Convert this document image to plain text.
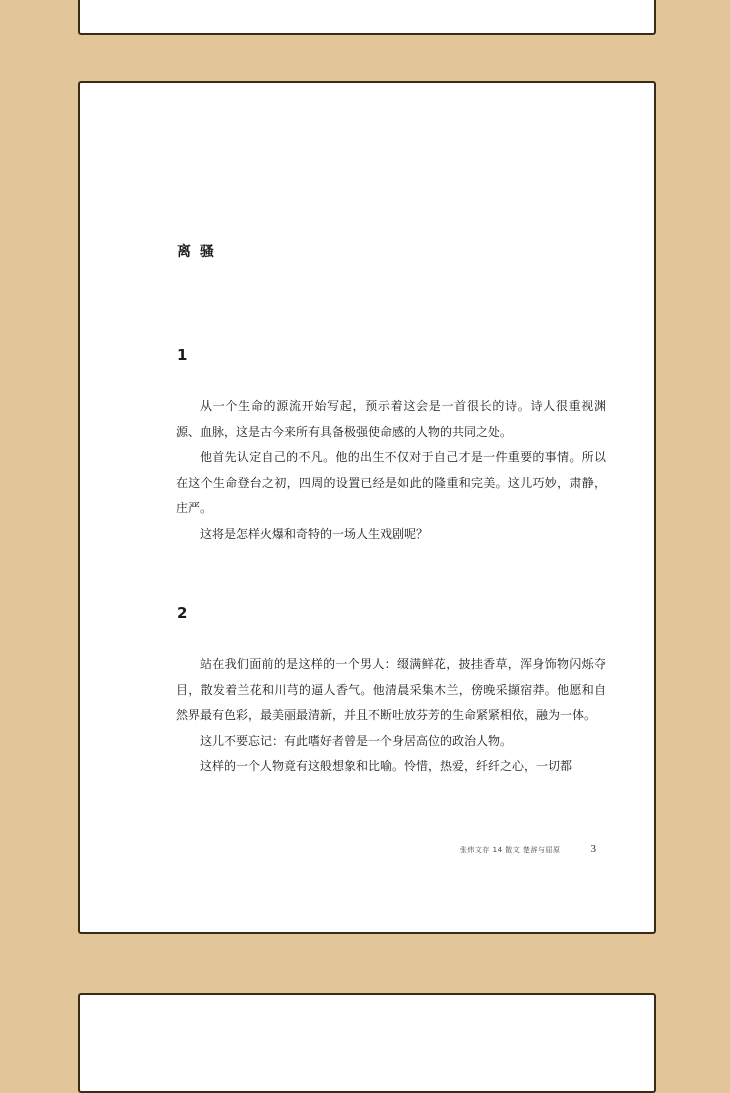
离 骚
1

从一个生命的源流开始写起，预示着这会是一首很长的诗。诗人很重视渊源、血脉，这是古今来所有具备极强使命感的人物的共同之处。

他首先认定自己的不凡。他的出生不仅对于自己才是一件重要的事情。所以在这个生命登台之初，四周的设置已经是如此的隆重和完美。这儿巧妙，肃静，庄严。

这将是怎样火爆和奇特的一场人生戏剧呢？

2

站在我们面前的是这样的一个男人：缀满鲜花，披挂香草，浑身饰物闪烁夺目，散发着兰花和川芎的逼人香气。他清晨采集木兰，傍晚采撷宿莽。他愿和自然界最有色彩，最美丽最清新，并且不断吐放芬芳的生命紧紧相依，融为一体。

这儿不要忘记：有此嗜好者曾是一个身居高位的政治人物。

这样的一个人物竟有这般想象和比喻。怜惜，热爱，纤纤之心，一切都

张炜文存 14 散文 楚辞与屈原	3
